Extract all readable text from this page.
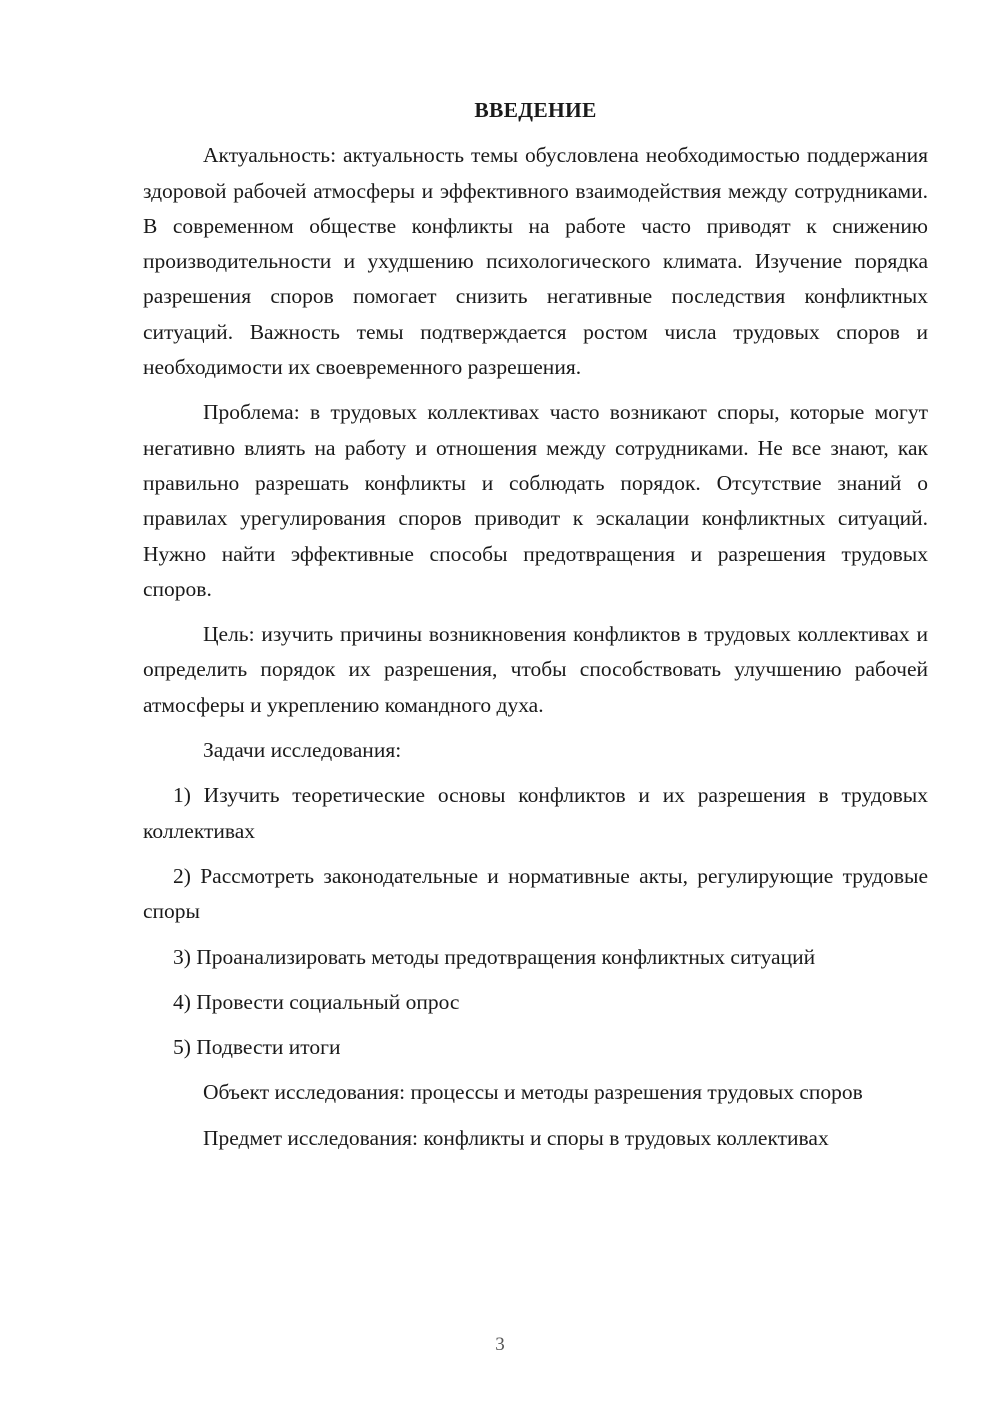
ВВЕДЕНИЕ

Актуальность: актуальность темы обусловлена необходимостью поддержания здоровой рабочей атмосферы и эффективного взаимодействия между сотрудниками. В современном обществе конфликты на работе часто приводят к снижению производительности и ухудшению психологического климата. Изучение порядка разрешения споров помогает снизить негативные последствия конфликтных ситуаций. Важность темы подтверждается ростом числа трудовых споров и необходимости их своевременного разрешения.

Проблема: в трудовых коллективах часто возникают споры, которые могут негативно влиять на работу и отношения между сотрудниками. Не все знают, как правильно разрешать конфликты и соблюдать порядок. Отсутствие знаний о правилах урегулирования споров приводит к эскалации конфликтных ситуаций. Нужно найти эффективные способы предотвращения и разрешения трудовых споров.

Цель: изучить причины возникновения конфликтов в трудовых коллективах и определить порядок их разрешения, чтобы способствовать улучшению рабочей атмосферы и укреплению командного духа.

Задачи исследования:

1) Изучить теоретические основы конфликтов и их разрешения в трудовых коллективах

2) Рассмотреть законодательные и нормативные акты, регулирующие трудовые споры

3) Проанализировать методы предотвращения конфликтных ситуаций

4) Провести социальный опрос

5) Подвести итоги

Объект исследования: процессы и методы разрешения трудовых споров

Предмет исследования: конфликты и споры в трудовых коллективах

3
